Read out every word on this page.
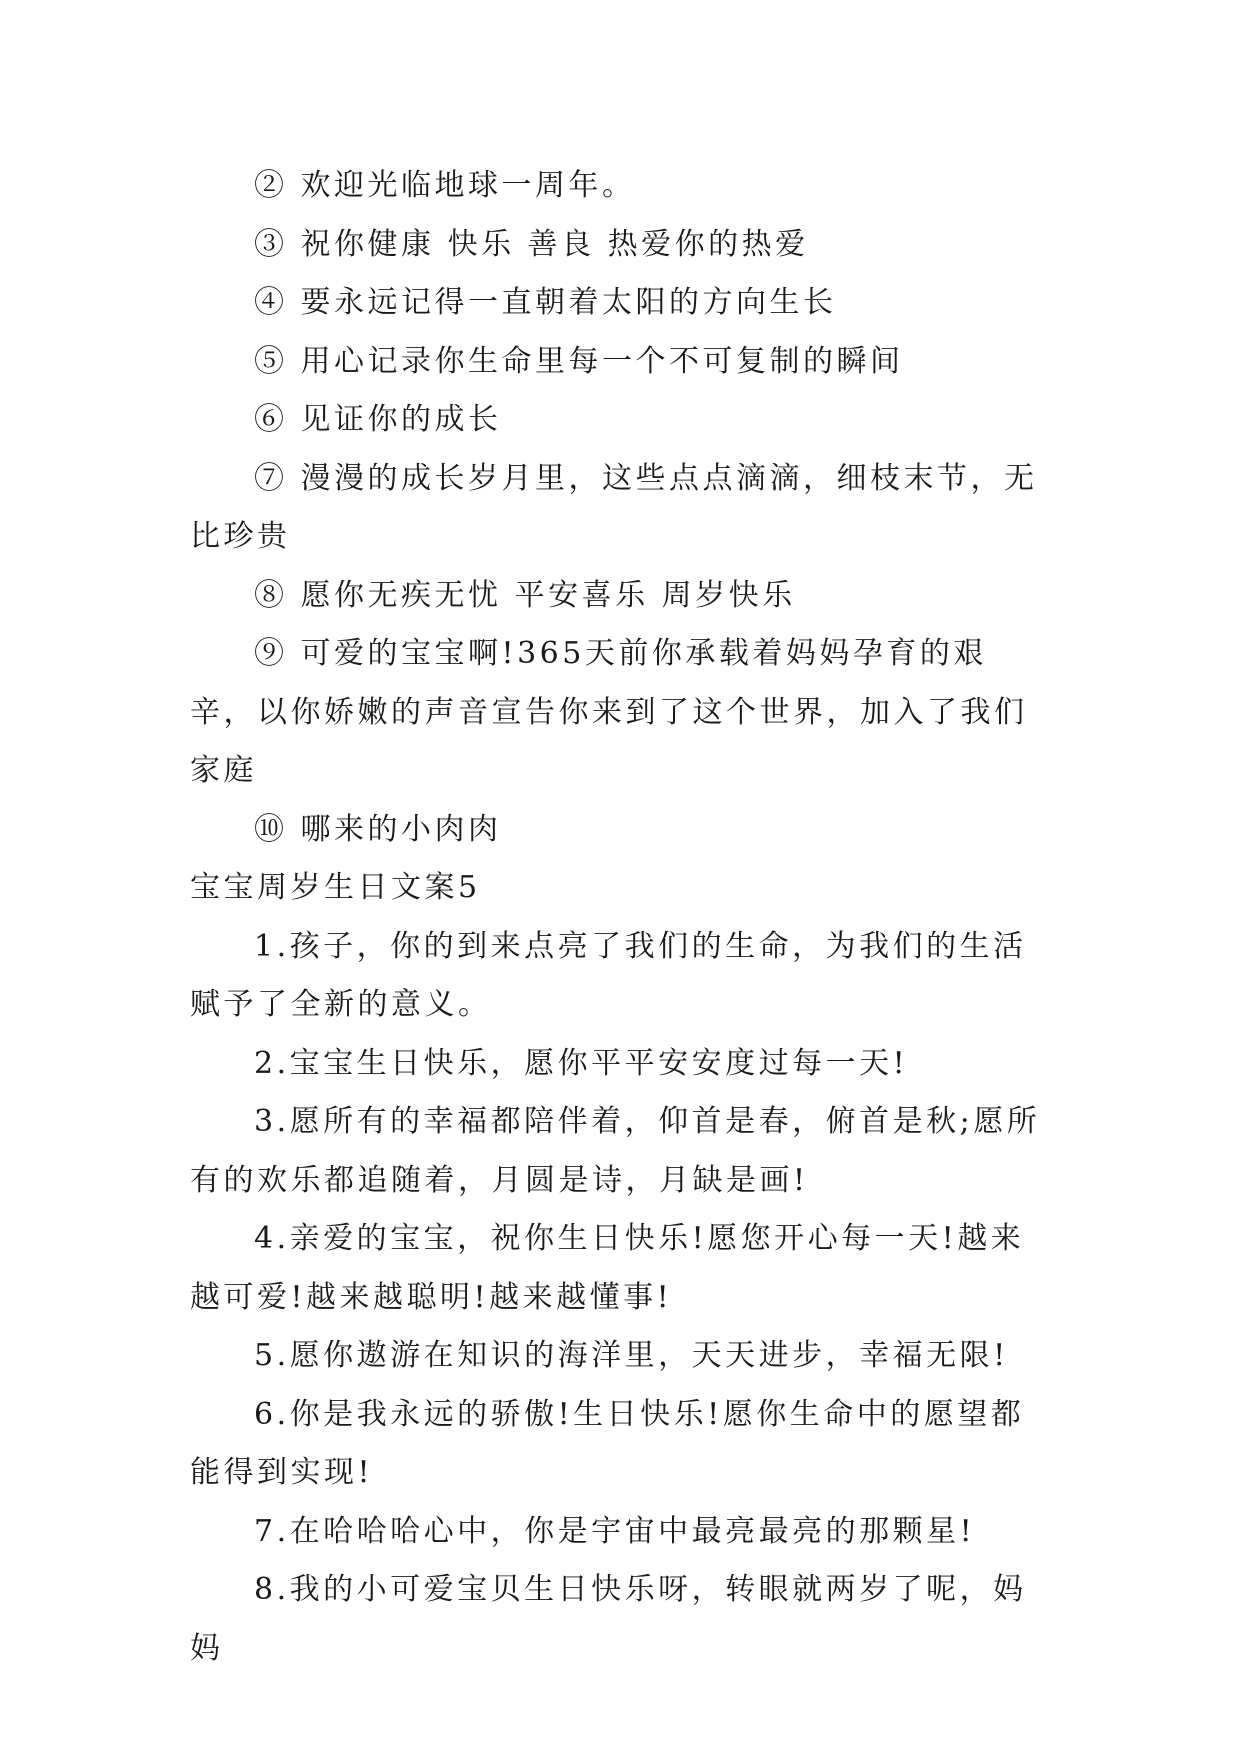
② 欢迎光临地球一周年。

③ 祝你健康 快乐 善良 热爱你的热爱

④ 要永远记得一直朝着太阳的方向生长

⑤ 用心记录你生命里每一个不可复制的瞬间

⑥ 见证你的成长

⑦ 漫漫的成长岁月里，这些点点滴滴，细枝末节，无比珍贵

⑧ 愿你无疾无忧 平安喜乐 周岁快乐

⑨ 可爱的宝宝啊!365天前你承载着妈妈孕育的艰辛，以你娇嫩的声音宣告你来到了这个世界，加入了我们家庭

⑩ 哪来的小肉肉

宝宝周岁生日文案5

1.孩子，你的到来点亮了我们的生命，为我们的生活赋予了全新的意义。

2.宝宝生日快乐，愿你平平安安度过每一天!

3.愿所有的幸福都陪伴着，仰首是春，俯首是秋;愿所有的欢乐都追随着，月圆是诗，月缺是画!

4.亲爱的宝宝，祝你生日快乐!愿您开心每一天!越来越可爱!越来越聪明!越来越懂事!

5.愿你遨游在知识的海洋里，天天进步，幸福无限!

6.你是我永远的骄傲!生日快乐!愿你生命中的愿望都能得到实现!

7.在哈哈哈心中，你是宇宙中最亮最亮的那颗星!

8.我的小可爱宝贝生日快乐呀，转眼就两岁了呢，妈妈
